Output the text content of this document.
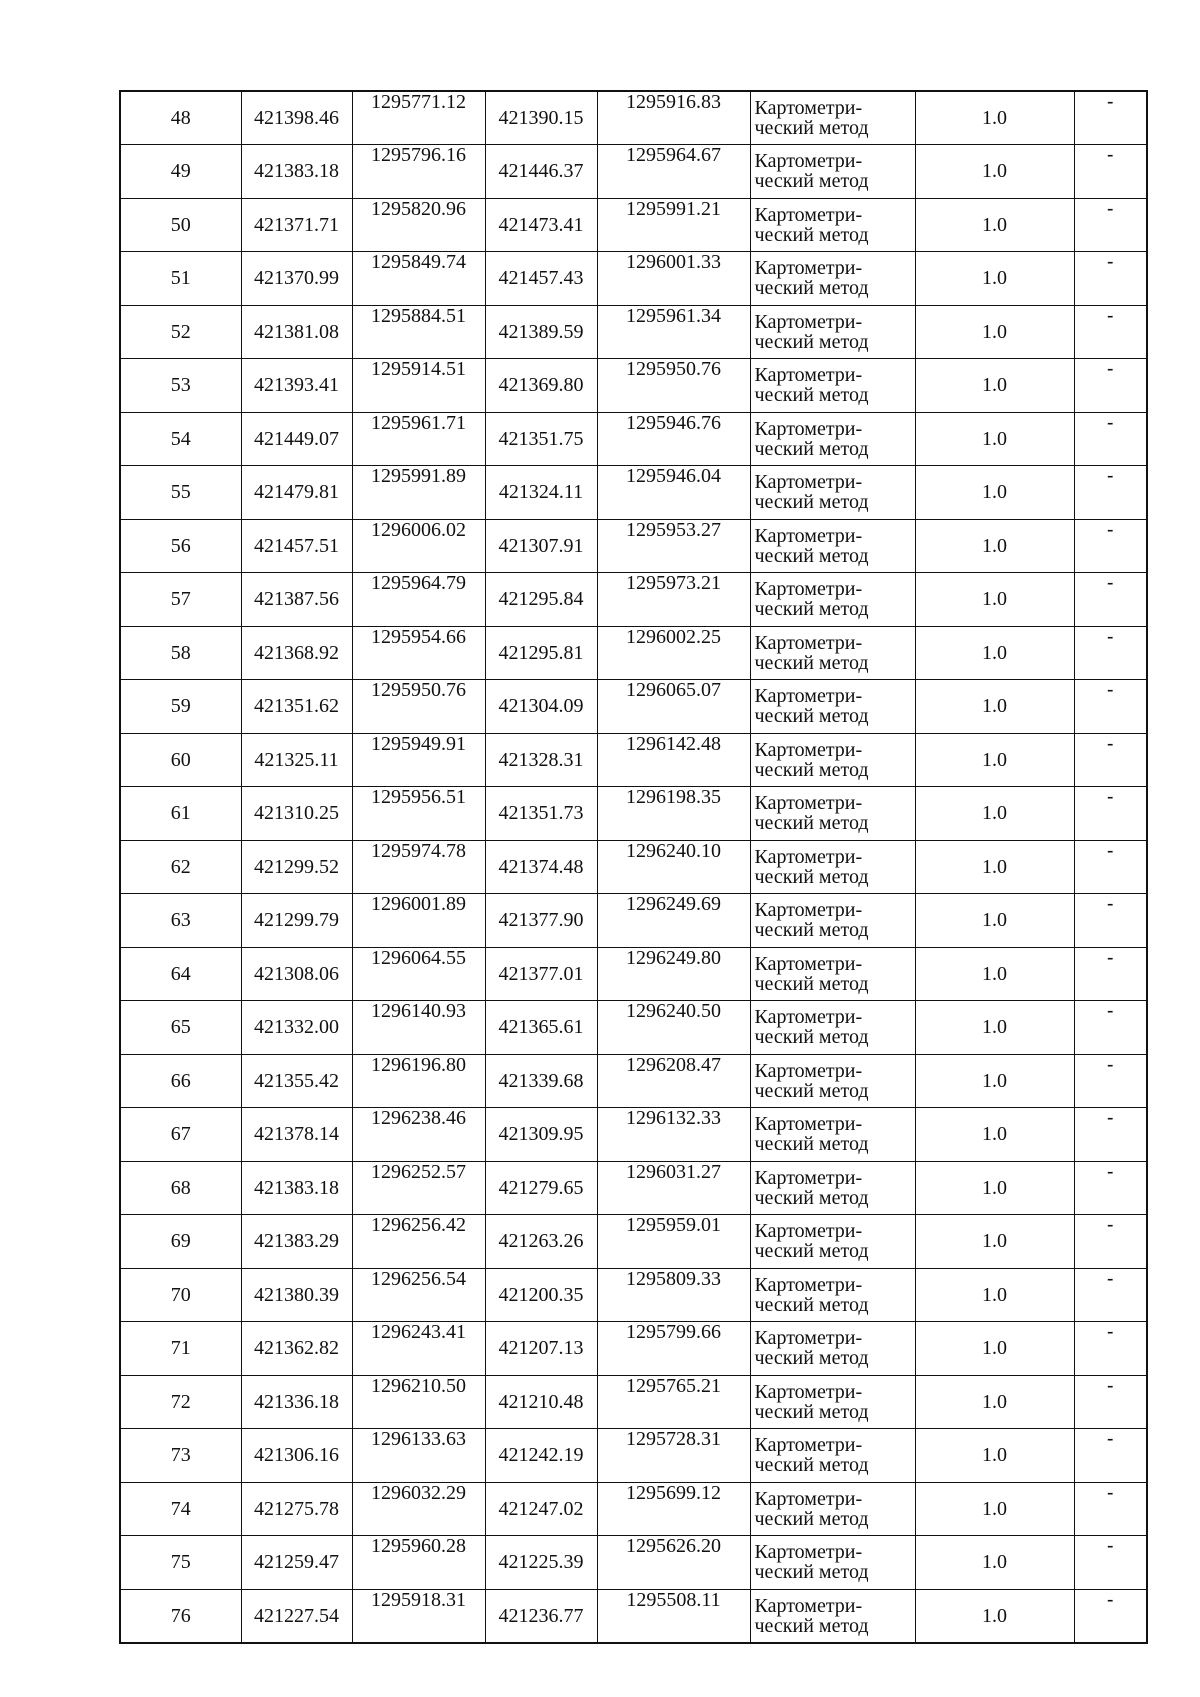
48	421398.46	1295771.12	421390.15	1295916.83	Картометри-
ческий метод	1.0	-
49	421383.18	1295796.16	421446.37	1295964.67	Картометри-
ческий метод	1.0	-
50	421371.71	1295820.96	421473.41	1295991.21	Картометри-
ческий метод	1.0	-
51	421370.99	1295849.74	421457.43	1296001.33	Картометри-
ческий метод	1.0	-
52	421381.08	1295884.51	421389.59	1295961.34	Картометри-
ческий метод	1.0	-
53	421393.41	1295914.51	421369.80	1295950.76	Картометри-
ческий метод	1.0	-
54	421449.07	1295961.71	421351.75	1295946.76	Картометри-
ческий метод	1.0	-
55	421479.81	1295991.89	421324.11	1295946.04	Картометри-
ческий метод	1.0	-
56	421457.51	1296006.02	421307.91	1295953.27	Картометри-
ческий метод	1.0	-
57	421387.56	1295964.79	421295.84	1295973.21	Картометри-
ческий метод	1.0	-
58	421368.92	1295954.66	421295.81	1296002.25	Картометри-
ческий метод	1.0	-
59	421351.62	1295950.76	421304.09	1296065.07	Картометри-
ческий метод	1.0	-
60	421325.11	1295949.91	421328.31	1296142.48	Картометри-
ческий метод	1.0	-
61	421310.25	1295956.51	421351.73	1296198.35	Картометри-
ческий метод	1.0	-
62	421299.52	1295974.78	421374.48	1296240.10	Картометри-
ческий метод	1.0	-
63	421299.79	1296001.89	421377.90	1296249.69	Картометри-
ческий метод	1.0	-
64	421308.06	1296064.55	421377.01	1296249.80	Картометри-
ческий метод	1.0	-
65	421332.00	1296140.93	421365.61	1296240.50	Картометри-
ческий метод	1.0	-
66	421355.42	1296196.80	421339.68	1296208.47	Картометри-
ческий метод	1.0	-
67	421378.14	1296238.46	421309.95	1296132.33	Картометри-
ческий метод	1.0	-
68	421383.18	1296252.57	421279.65	1296031.27	Картометри-
ческий метод	1.0	-
69	421383.29	1296256.42	421263.26	1295959.01	Картометри-
ческий метод	1.0	-
70	421380.39	1296256.54	421200.35	1295809.33	Картометри-
ческий метод	1.0	-
71	421362.82	1296243.41	421207.13	1295799.66	Картометри-
ческий метод	1.0	-
72	421336.18	1296210.50	421210.48	1295765.21	Картометри-
ческий метод	1.0	-
73	421306.16	1296133.63	421242.19	1295728.31	Картометри-
ческий метод	1.0	-
74	421275.78	1296032.29	421247.02	1295699.12	Картометри-
ческий метод	1.0	-
75	421259.47	1295960.28	421225.39	1295626.20	Картометри-
ческий метод	1.0	-
76	421227.54	1295918.31	421236.77	1295508.11	Картометри-
ческий метод	1.0	-
